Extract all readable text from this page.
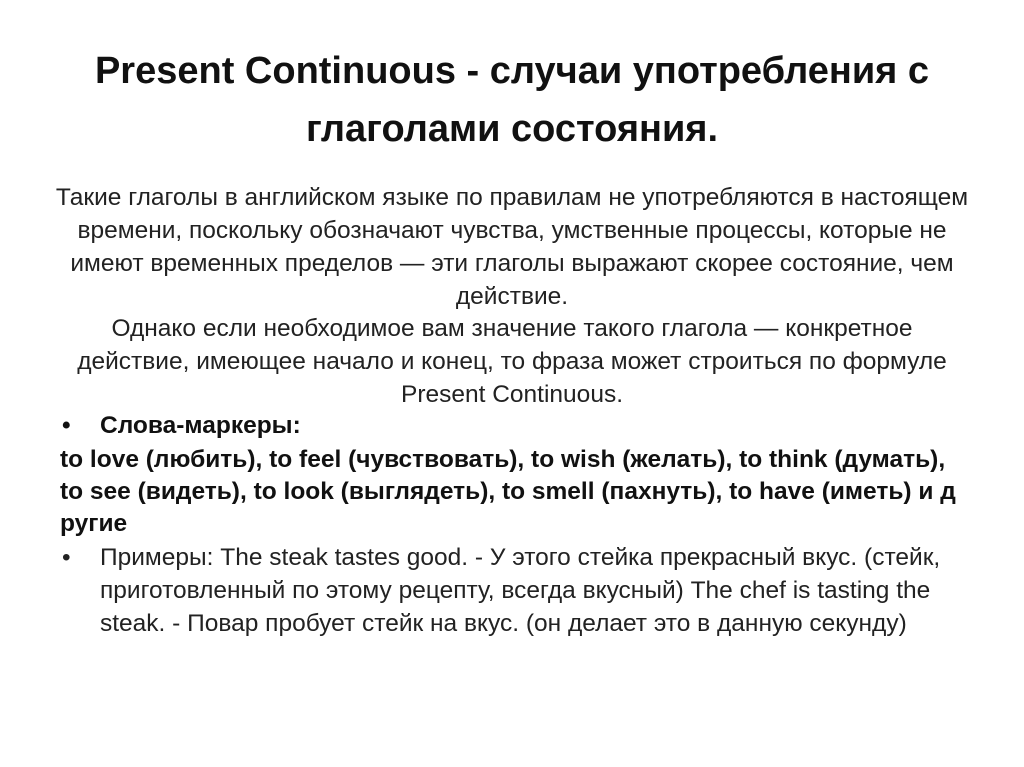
Present Continuous - случаи употребления с глаголами состояния.

Такие глаголы в английском языке по правилам не употребляются в настоящем времени, поскольку обозначают чувства, умственные процессы, которые не имеют временных пределов — эти глаголы выражают скорее состояние, чем действие.

Однако если необходимое вам значение такого глагола — конкретное действие, имеющее начало и конец, то фраза может строиться по формуле Present Continuous.

•	Слова-маркеры:

to love (любить), to feel (чувствовать), to wish (желать), to think (думать), to see (видеть), to look (выглядеть), to smell (пахнуть), to have (иметь) и другие

•	Примеры: The steak tastes good. - У этого стейка прекрасный вкус. (стейк, приготовленный по этому рецепту, всегда вкусный) The chef is tasting the steak. - Повар пробует стейк на вкус. (он делает это в данную секунду)
